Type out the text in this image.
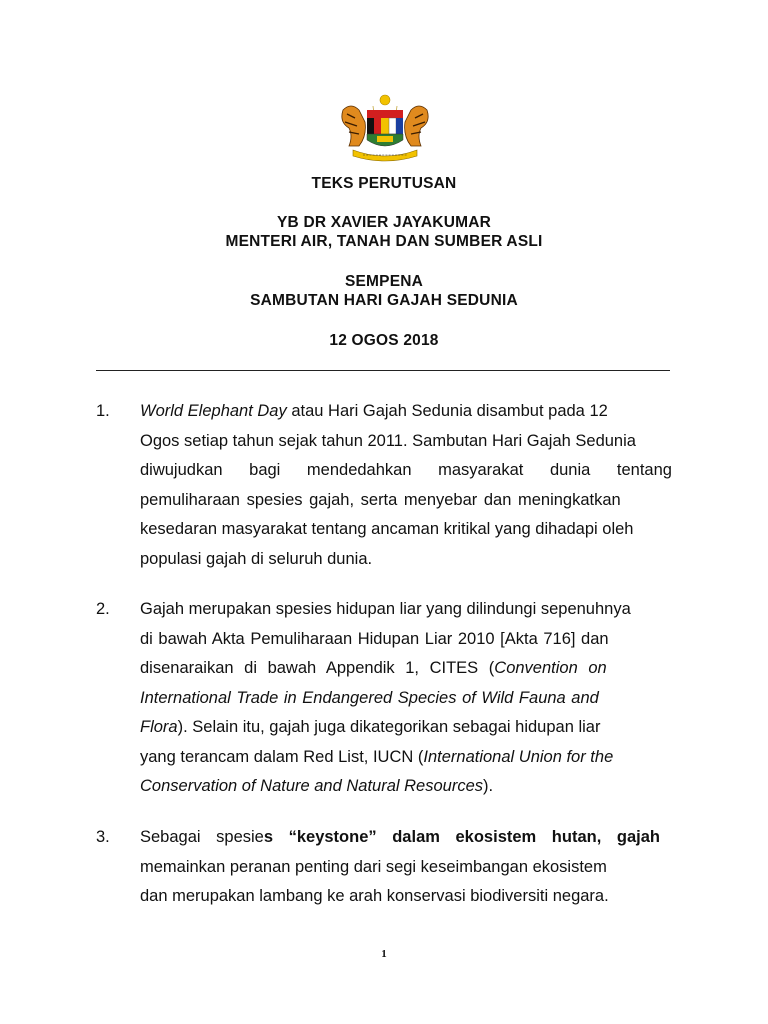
TEKS PERUTUSAN
YB DR XAVIER JAYAKUMAR
MENTERI AIR, TANAH DAN SUMBER ASLI
SEMPENA
SAMBUTAN HARI GAJAH SEDUNIA
12 OGOS 2018
1.	World Elephant Day atau Hari Gajah Sedunia disambut pada 12
Ogos setiap tahun sejak tahun 2011. Sambutan Hari Gajah Sedunia
diwujudkan bagi mendedahkan masyarakat dunia tentang
pemuliharaan spesies gajah, serta menyebar dan meningkatkan
kesedaran masyarakat tentang ancaman kritikal yang dihadapi oleh
populasi gajah di seluruh dunia.
2.	Gajah merupakan spesies hidupan liar yang dilindungi sepenuhnya
di bawah Akta Pemuliharaan Hidupan Liar 2010 [Akta 716] dan
disenaraikan di bawah Appendik 1, CITES (Convention on
International Trade in Endangered Species of Wild Fauna and
Flora). Selain itu, gajah juga dikategorikan sebagai hidupan liar
yang terancam dalam Red List, IUCN (International Union for the
Conservation of Nature and Natural Resources).
3.	Sebagai spesies “keystone” dalam ekosistem hutan, gajah
memainkan peranan penting dari segi keseimbangan ekosistem
dan merupakan lambang ke arah konservasi biodiversiti negara.
1
